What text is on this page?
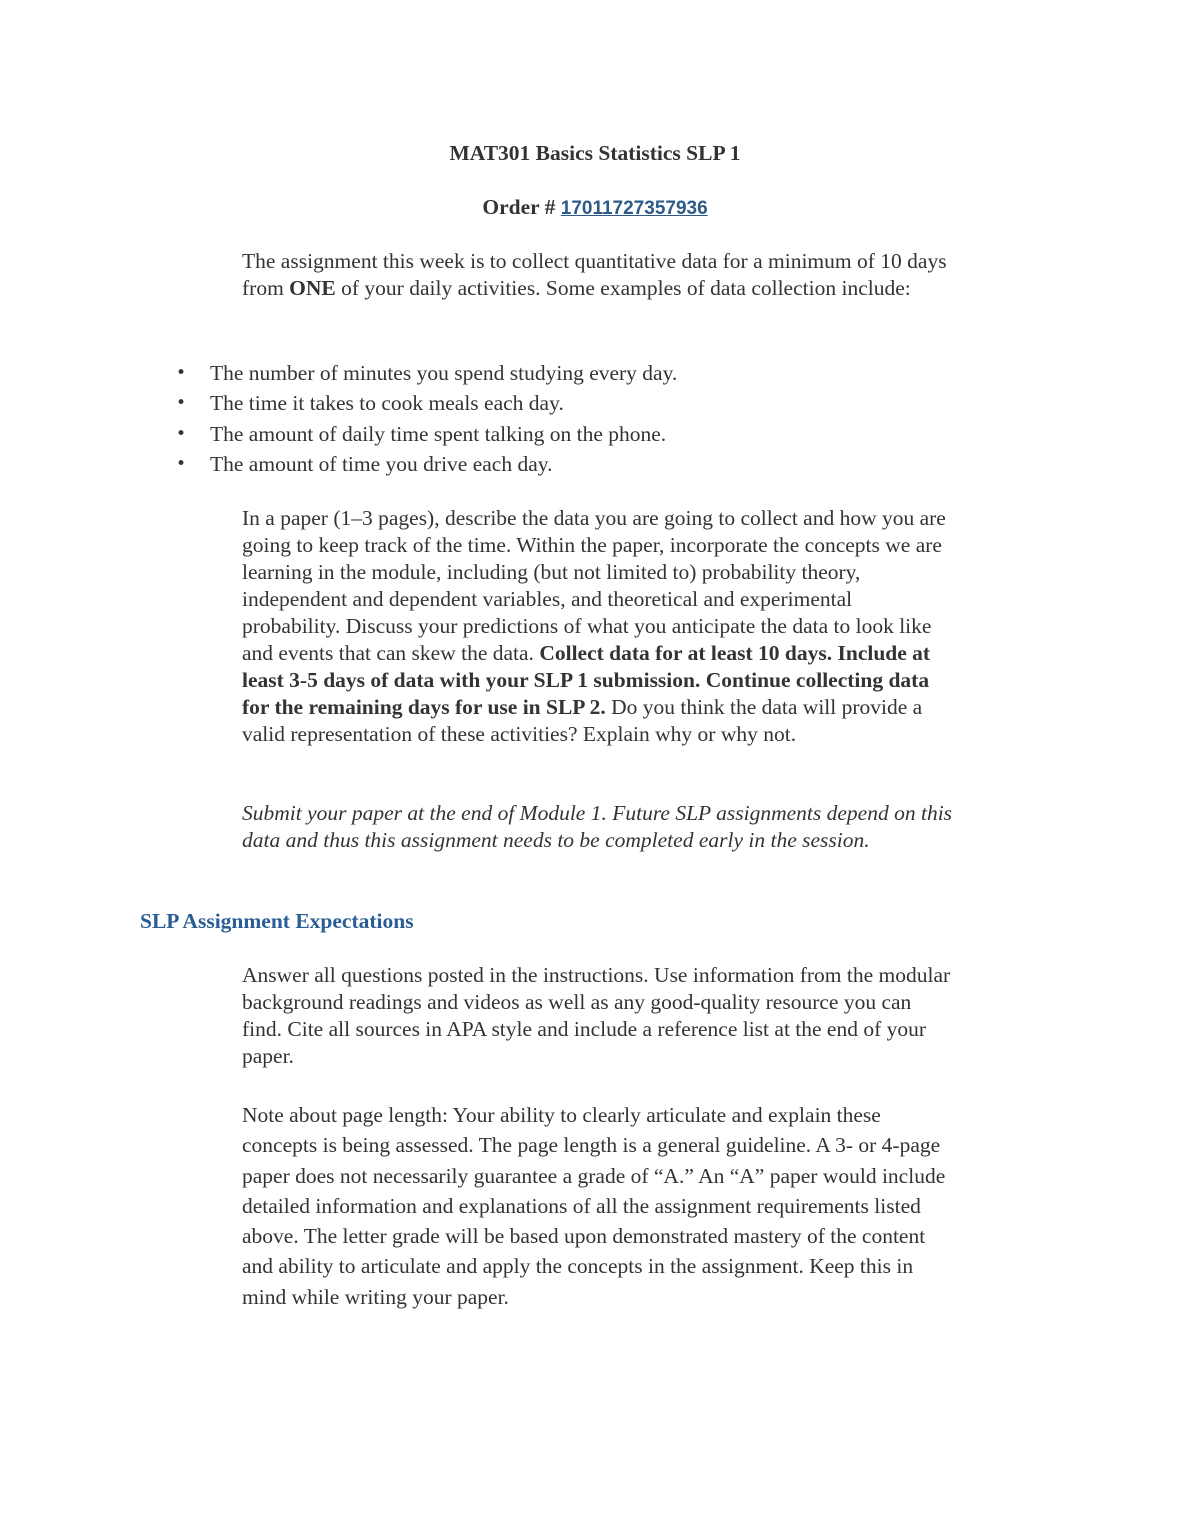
MAT301 Basics Statistics SLP 1
Order # 17011727357936

The assignment this week is to collect quantitative data for a minimum of 10 days from ONE of your daily activities. Some examples of data collection include:

• The number of minutes you spend studying every day.
• The time it takes to cook meals each day.
• The amount of daily time spent talking on the phone.
• The amount of time you drive each day.

In a paper (1–3 pages), describe the data you are going to collect and how you are going to keep track of the time. Within the paper, incorporate the concepts we are learning in the module, including (but not limited to) probability theory, independent and dependent variables, and theoretical and experimental probability. Discuss your predictions of what you anticipate the data to look like and events that can skew the data. Collect data for at least 10 days. Include at least 3-5 days of data with your SLP 1 submission. Continue collecting data for the remaining days for use in SLP 2. Do you think the data will provide a valid representation of these activities? Explain why or why not.

Submit your paper at the end of Module 1. Future SLP assignments depend on this data and thus this assignment needs to be completed early in the session.

SLP Assignment Expectations

Answer all questions posted in the instructions. Use information from the modular background readings and videos as well as any good-quality resource you can find. Cite all sources in APA style and include a reference list at the end of your paper.

Note about page length: Your ability to clearly articulate and explain these concepts is being assessed. The page length is a general guideline. A 3- or 4-page paper does not necessarily guarantee a grade of “A.” An “A” paper would include detailed information and explanations of all the assignment requirements listed above. The letter grade will be based upon demonstrated mastery of the content and ability to articulate and apply the concepts in the assignment. Keep this in mind while writing your paper.
